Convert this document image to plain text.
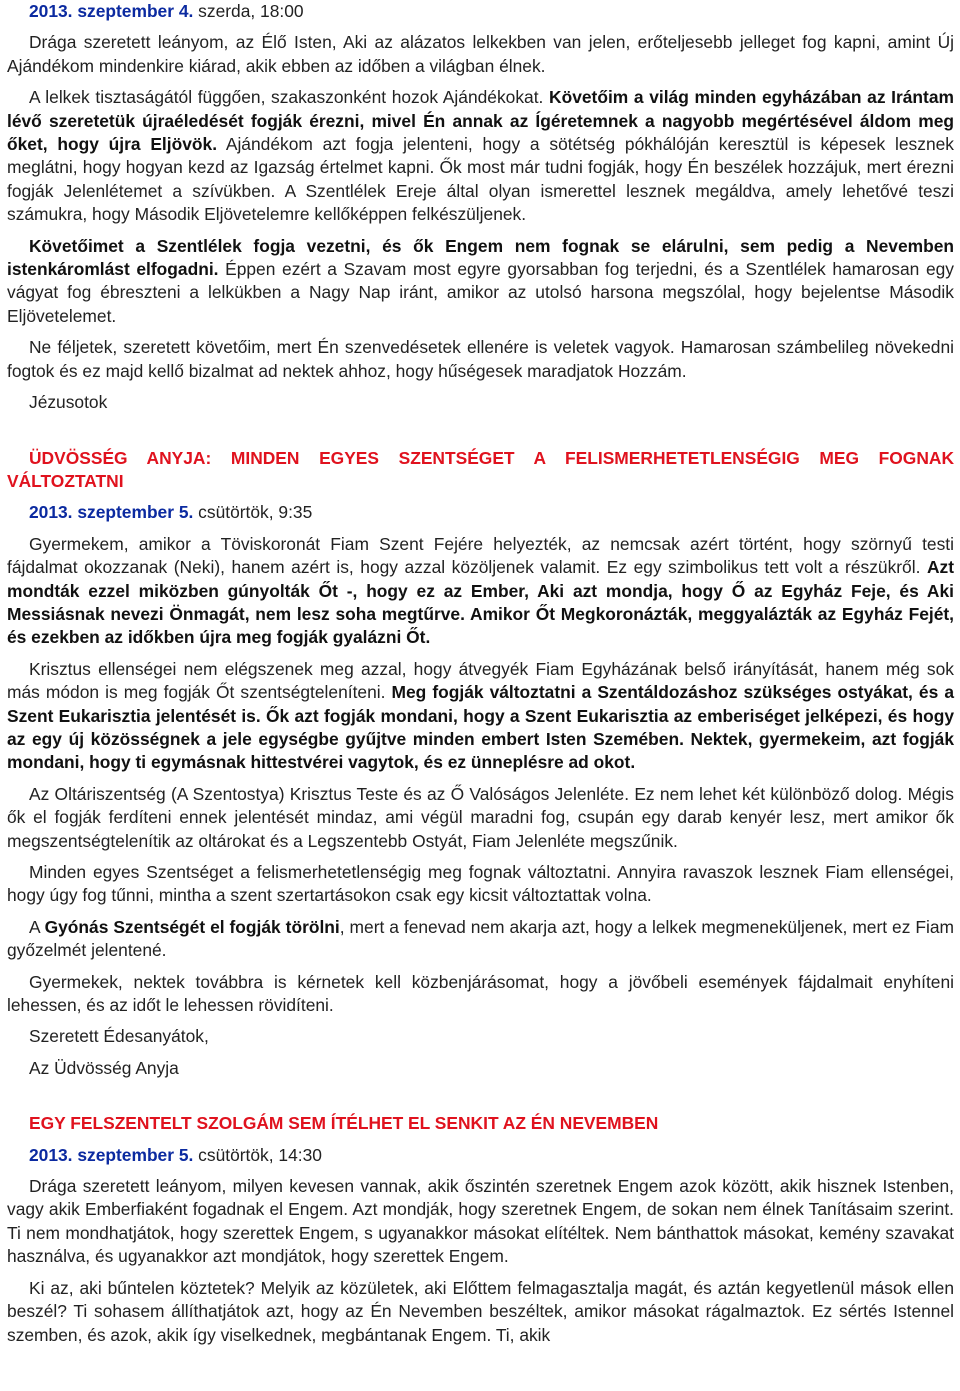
2013. szeptember 4. szerda, 18:00

Drága szeretett leányom, az Élő Isten, Aki az alázatos lelkekben van jelen, erőteljesebb jelleget fog kapni, amint Új Ajándékom mindenkire kiárad, akik ebben az időben a világban élnek.

A lelkek tisztaságától függően, szakaszonként hozok Ajándékokat. Követőim a világ minden egyházában az Irántam lévő szeretetük újraéledését fogják érezni, mivel Én annak az Ígéretemnek a nagyobb megértésével áldom meg őket, hogy újra Eljövök. Ajándékom azt fogja jelenteni, hogy a sötétség pókhálóján keresztül is képesek lesznek meglátni, hogy hogyan kezd az Igazság értelmet kapni. Ők most már tudni fogják, hogy Én beszélek hozzájuk, mert érezni fogják Jelenlétemet a szívükben. A Szentlélek Ereje által olyan ismerettel lesznek megáldva, amely lehetővé teszi számukra, hogy Második Eljövetelemre kellőképpen felkészüljenek.

Követőimet a Szentlélek fogja vezetni, és ők Engem nem fognak se elárulni, sem pedig a Nevemben istenkáromlást elfogadni. Éppen ezért a Szavam most egyre gyorsabban fog terjedni, és a Szentlélek hamarosan egy vágyat fog ébreszteni a lelkükben a Nagy Nap iránt, amikor az utolsó harsona megszólal, hogy bejelentse Második Eljövetelemet.

Ne féljetek, szeretett követőim, mert Én szenvedésetek ellenére is veletek vagyok. Hamarosan számbelileg növekedni fogtok és ez majd kellő bizalmat ad nektek ahhoz, hogy hűségesek maradjatok Hozzám.

Jézusotok

ÜDVÖSSÉG ANYJA: MINDEN EGYES SZENTSÉGET A FELISMERHETETLENSÉGIG MEG FOGNAK VÁLTOZTATNI

2013. szeptember 5. csütörtök, 9:35

Gyermekem, amikor a Töviskoronát Fiam Szent Fejére helyezték, az nemcsak azért történt, hogy szörnyű testi fájdalmat okozzanak (Neki), hanem azért is, hogy azzal közöljenek valamit. Ez egy szimbolikus tett volt a részükről. Azt mondták ezzel miközben gúnyolták Őt -, hogy ez az Ember, Aki azt mondja, hogy Ő az Egyház Feje, és Aki Messiásnak nevezi Önmagát, nem lesz soha megtűrve. Amikor Őt Megkoronázták, meggyalázták az Egyház Fejét, és ezekben az időkben újra meg fogják gyalázni Őt.

Krisztus ellenségei nem elégszenek meg azzal, hogy átvegyék Fiam Egyházának belső irányítását, hanem még sok más módon is meg fogják Őt szentségteleníteni. Meg fogják változtatni a Szentáldozáshoz szükséges ostyákat, és a Szent Eukarisztia jelentését is. Ők azt fogják mondani, hogy a Szent Eukarisztia az emberiséget jelképezi, és hogy az egy új közösségnek a jele egységbe gyűjtve minden embert Isten Szemében. Nektek, gyermekeim, azt fogják mondani, hogy ti egymásnak hittestvérei vagytok, és ez ünneplésre ad okot.

Az Oltáriszentség (A Szentostya) Krisztus Teste és az Ő Valóságos Jelenléte. Ez nem lehet két különböző dolog. Mégis ők el fogják ferdíteni ennek jelentését mindaz, ami végül maradni fog, csupán egy darab kenyér lesz, mert amikor ők megszentségtelenítik az oltárokat és a Legszentebb Ostyát, Fiam Jelenléte megszűnik.

Minden egyes Szentséget a felismerhetetlenségig meg fognak változtatni. Annyira ravaszok lesznek Fiam ellenségei, hogy úgy fog tűnni, mintha a szent szertartásokon csak egy kicsit változtattak volna.

A Gyónás Szentségét el fogják törölni, mert a fenevad nem akarja azt, hogy a lelkek megmeneküljenek, mert ez Fiam győzelmét jelentené.

Gyermekek, nektek továbbra is kérnetek kell közbenjárásomat, hogy a jövőbeli események fájdalmait enyhíteni lehessen, és az időt le lehessen rövidíteni.

Szeretett Édesanyátok,

Az Üdvösség Anyja

EGY FELSZENTELT SZOLGÁM SEM ÍTÉLHET EL SENKIT AZ ÉN NEVEMBEN

2013. szeptember 5. csütörtök, 14:30

Drága szeretett leányom, milyen kevesen vannak, akik őszintén szeretnek Engem azok között, akik hisznek Istenben, vagy akik Emberfiaként fogadnak el Engem. Azt mondják, hogy szeretnek Engem, de sokan nem élnek Tanításaim szerint. Ti nem mondhatjátok, hogy szerettek Engem, s ugyanakkor másokat elítéltek. Nem bánthattok másokat, kemény szavakat használva, és ugyanakkor azt mondjátok, hogy szerettek Engem.

Ki az, aki bűntelen köztetek? Melyik az közületek, aki Előttem felmagasztalja magát, és aztán kegyetlenül mások ellen beszél? Ti sohasem állíthatjátok azt, hogy az Én Nevemben beszéltek, amikor másokat rágalmaztok. Ez sértés Istennel szemben, és azok, akik így viselkednek, megbántanak Engem. Ti, akik
